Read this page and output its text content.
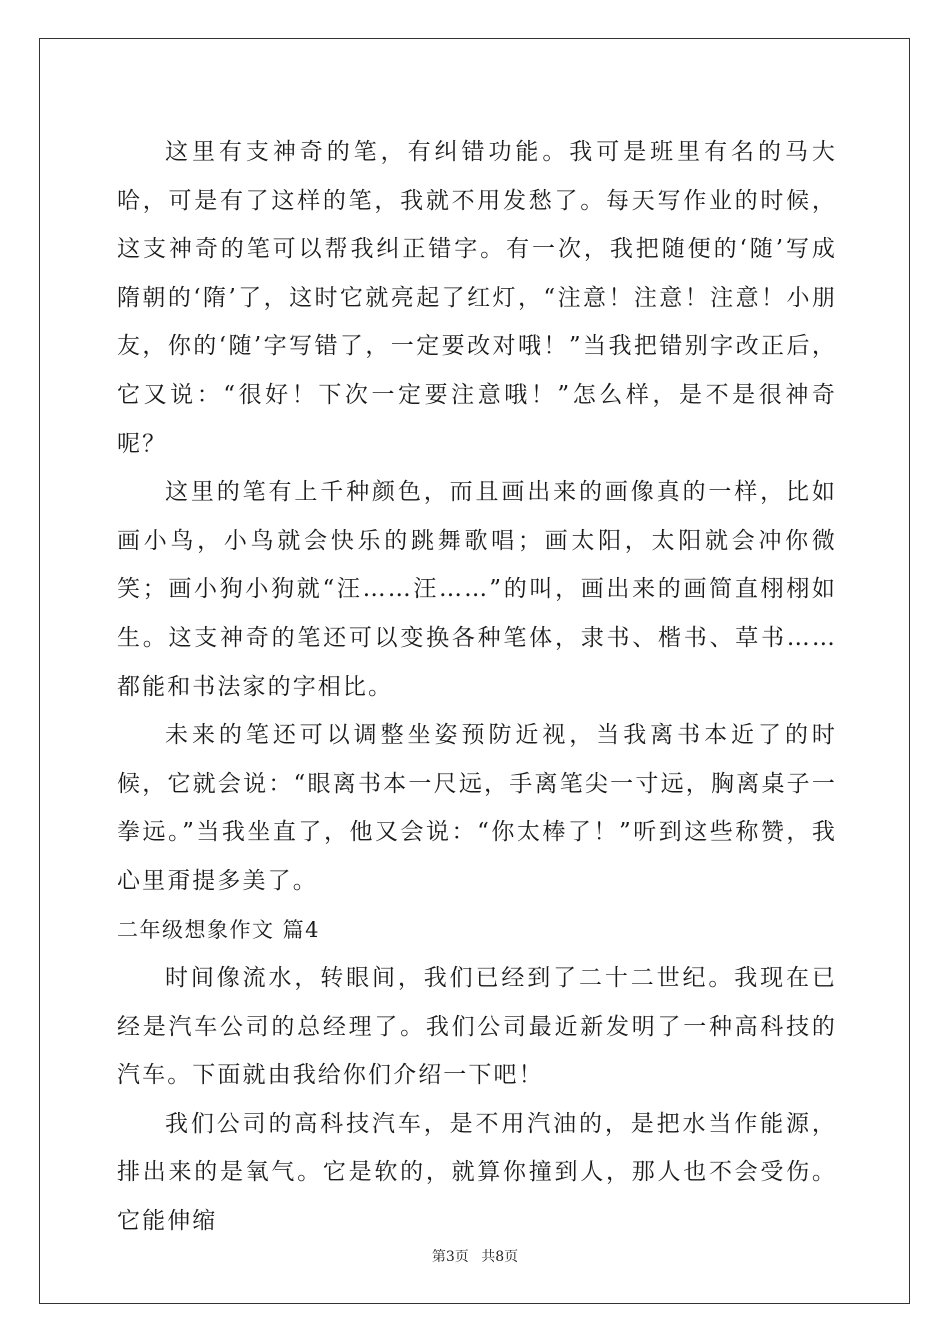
这里有支神奇的笔，有纠错功能。我可是班里有名的马大哈，可是有了这样的笔，我就不用发愁了。每天写作业的时候，这支神奇的笔可以帮我纠正错字。有一次，我把随便的‘随’写成隋朝的‘隋’了，这时它就亮起了红灯，“注意！注意！注意！小朋友，你的‘随’字写错了，一定要改对哦！”当我把错别字改正后，它又说：“很好！下次一定要注意哦！”怎么样，是不是很神奇呢？

这里的笔有上千种颜色，而且画出来的画像真的一样，比如画小鸟，小鸟就会快乐的跳舞歌唱；画太阳，太阳就会冲你微笑；画小狗小狗就“汪……汪……”的叫，画出来的画简直栩栩如生。这支神奇的笔还可以变换各种笔体，隶书、楷书、草书……都能和书法家的字相比。

未来的笔还可以调整坐姿预防近视，当我离书本近了的时候，它就会说：“眼离书本一尺远，手离笔尖一寸远，胸离桌子一拳远。”当我坐直了，他又会说：“你太棒了！”听到这些称赞，我心里甭提多美了。

二年级想象作文 篇4

时间像流水，转眼间，我们已经到了二十二世纪。我现在已经是汽车公司的总经理了。我们公司最近新发明了一种高科技的汽车。下面就由我给你们介绍一下吧！

我们公司的高科技汽车，是不用汽油的，是把水当作能源，排出来的是氧气。它是软的，就算你撞到人，那人也不会受伤。它能伸缩

第3页 共8页
